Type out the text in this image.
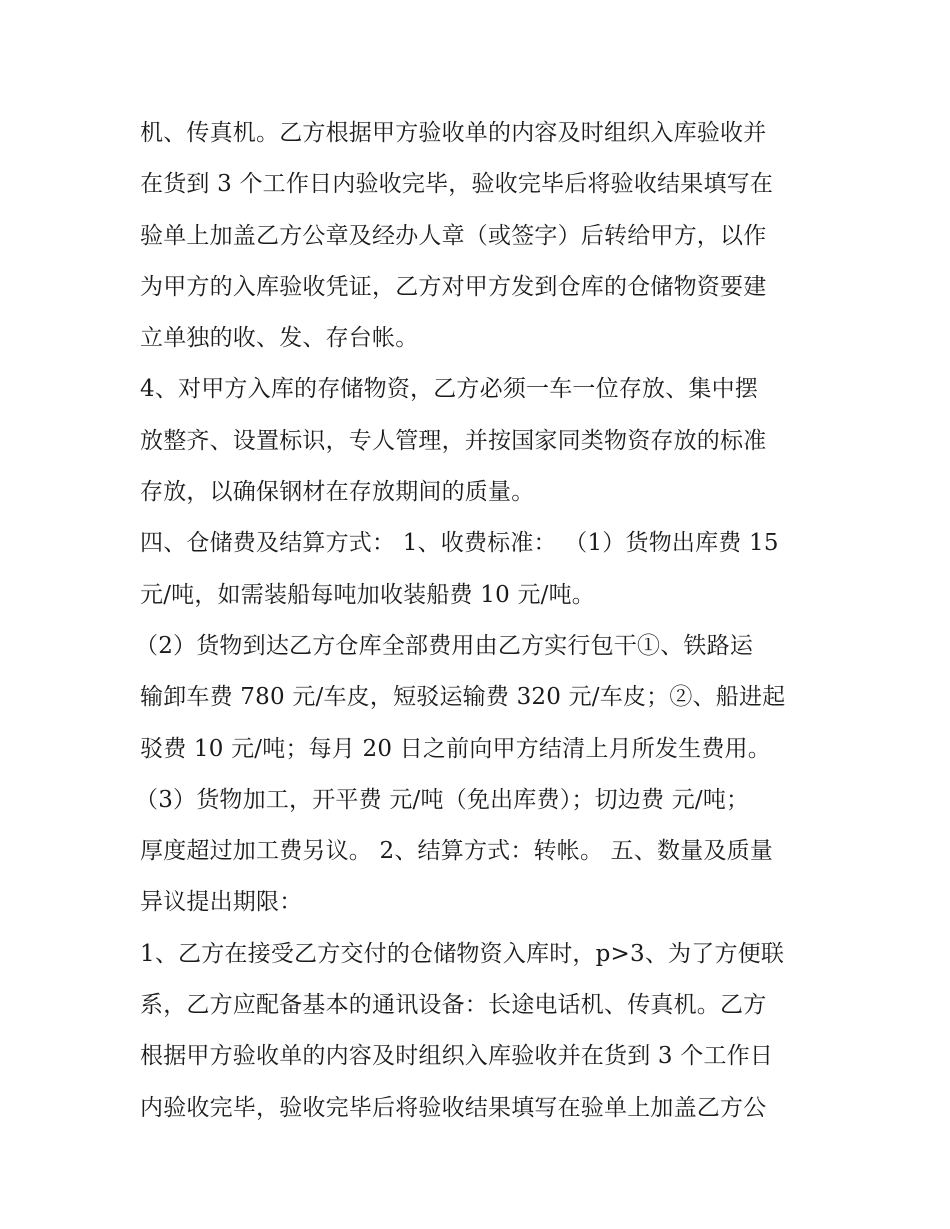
机、传真机。乙方根据甲方验收单的内容及时组织入库验收并
在货到 3 个工作日内验收完毕，验收完毕后将验收结果填写在
验单上加盖乙方公章及经办人章（或签字）后转给甲方，以作
为甲方的入库验收凭证，乙方对甲方发到仓库的仓储物资要建
立单独的收、发、存台帐。
4、对甲方入库的存储物资，乙方必须一车一位存放、集中摆
放整齐、设置标识，专人管理，并按国家同类物资存放的标准
存放，以确保钢材在存放期间的质量。
四、仓储费及结算方式： 1、收费标准： （1）货物出库费 15
元/吨，如需装船每吨加收装船费 10 元/吨。
（2）货物到达乙方仓库全部费用由乙方实行包干①、铁路运
输卸车费 780 元/车皮，短驳运输费 320 元/车皮；②、船进起
驳费 10 元/吨；每月 20 日之前向甲方结清上月所发生费用。
（3）货物加工，开平费 元/吨（免出库费）；切边费 元/吨；
厚度超过加工费另议。 2、结算方式：转帐。 五、数量及质量
异议提出期限：
1、乙方在接受乙方交付的仓储物资入库时，p>3、为了方便联
系，乙方应配备基本的通讯设备：长途电话机、传真机。乙方
根据甲方验收单的内容及时组织入库验收并在货到 3 个工作日
内验收完毕，验收完毕后将验收结果填写在验单上加盖乙方公
